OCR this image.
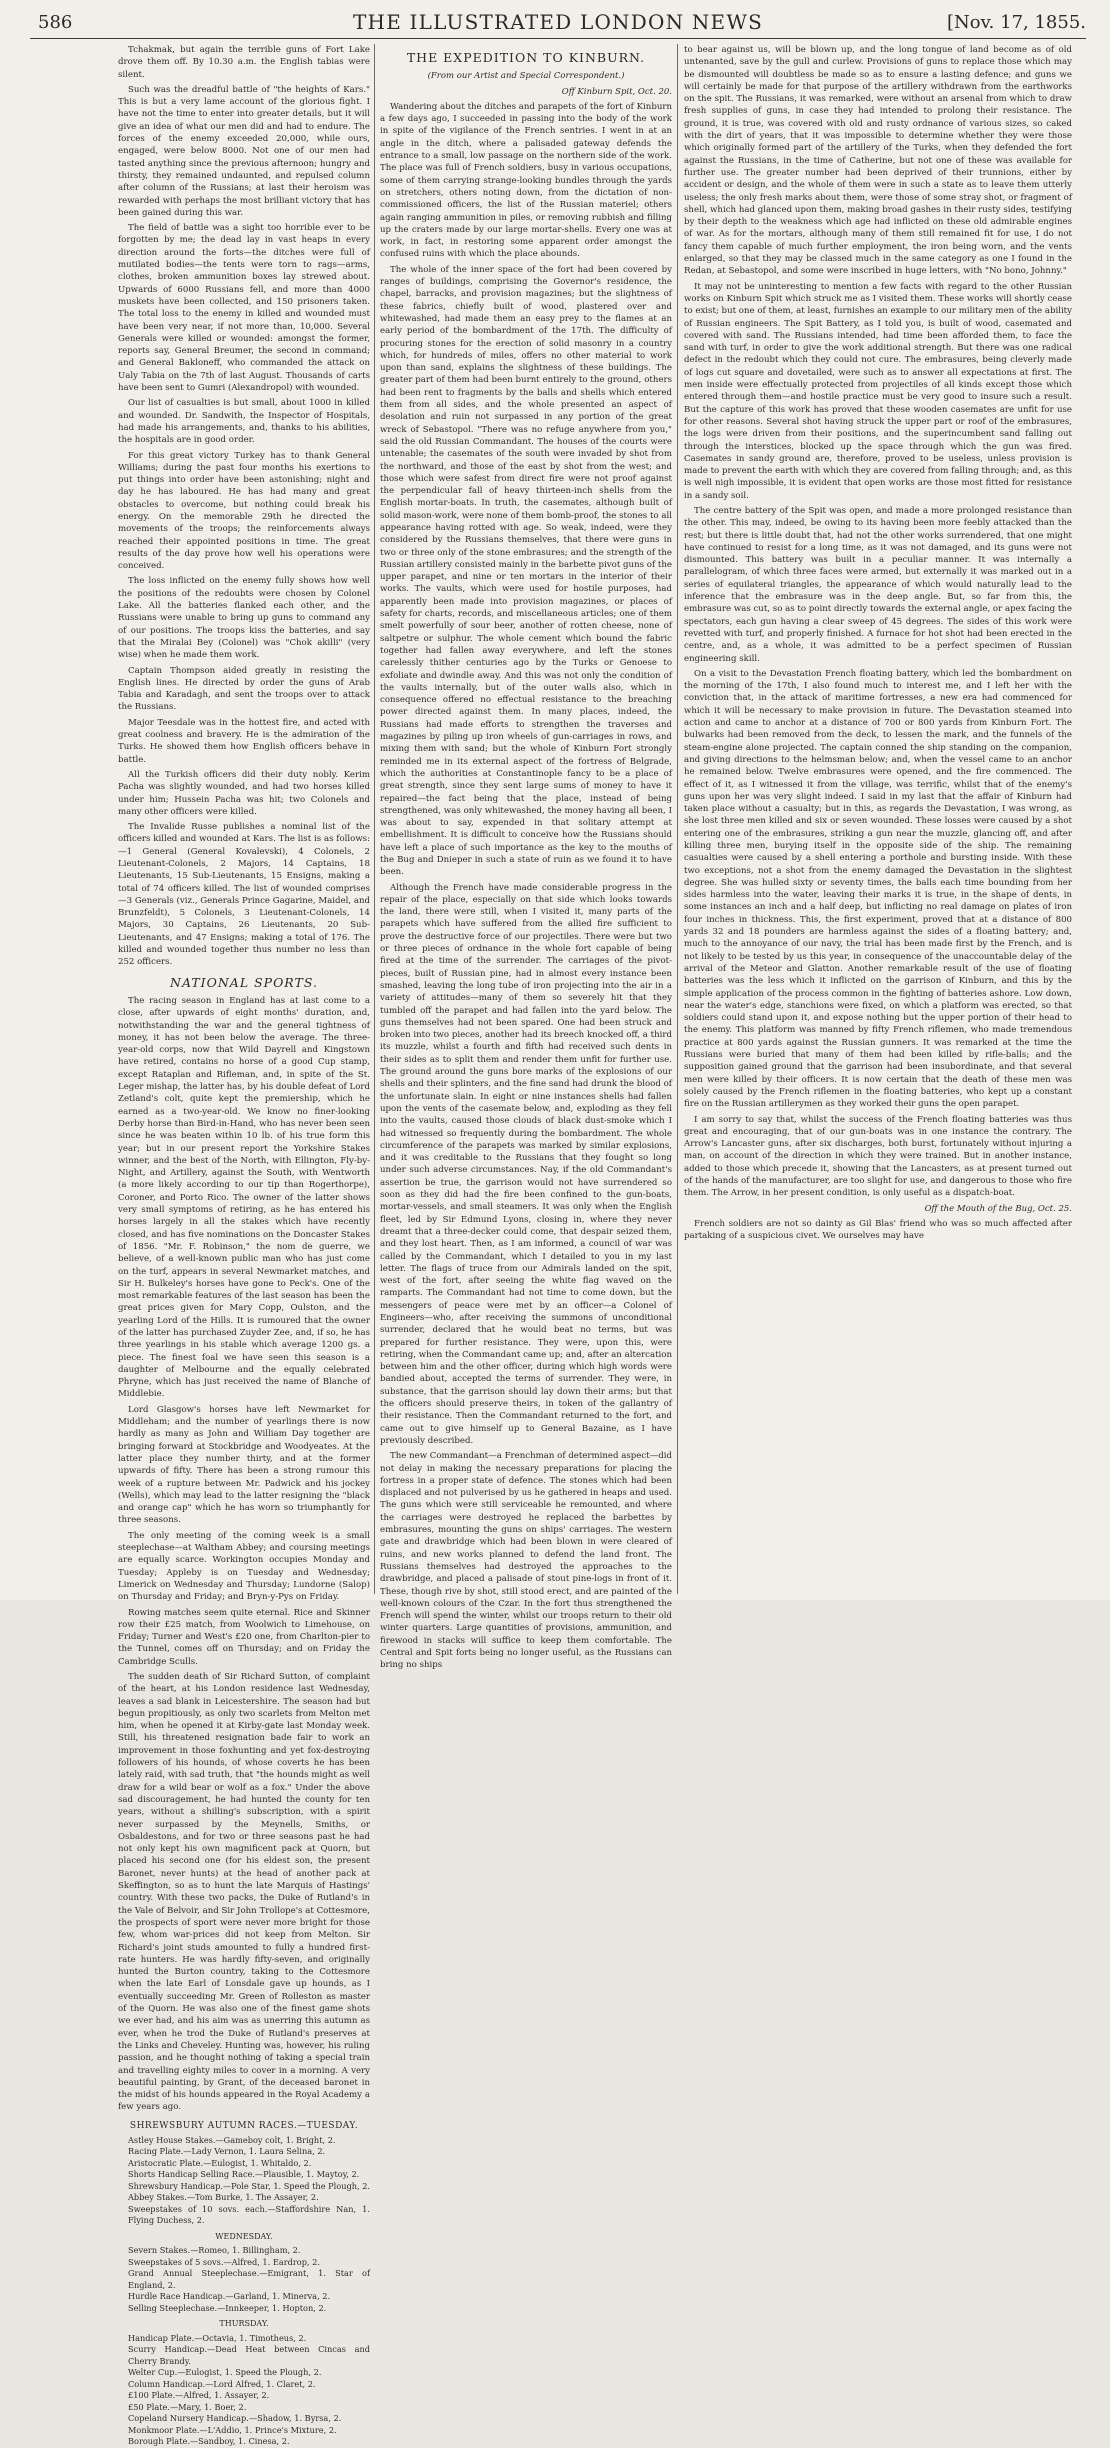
586	THE ILLUSTRATED LONDON NEWS	[Nov. 17, 1855.

Tchakmak, but again the terrible guns of Fort Lake drove them off. By 10.30 a.m. the English tabias were silent.

Such was the dreadful battle of "the heights of Kars." This is but a very lame account of the glorious fight. I have not the time to enter into greater details, but it will give an idea of what our men did and had to endure. The forces of the enemy exceeded 20,000, while ours, engaged, were below 8000. Not one of our men had tasted anything since the previous afternoon; hungry and thirsty, they remained undaunted, and repulsed column after column of the Russians; at last their heroism was rewarded with perhaps the most brilliant victory that has been gained during this war.

The field of battle was a sight too horrible ever to be forgotten by me; the dead lay in vast heaps in every direction around the forts—the ditches were full of mutilated bodies—the tents were torn to rags—arms, clothes, broken ammunition boxes lay strewed about. Upwards of 6000 Russians fell, and more than 4000 muskets have been collected, and 150 prisoners taken. The total loss to the enemy in killed and wounded must have been very near, if not more than, 10,000. Several Generals were killed or wounded: amongst the former, reports say, General Breumer, the second in command; and General Bakloneff, who commanded the attack on Ualy Tabia on the 7th of last August. Thousands of carts have been sent to Gumri (Alexandropol) with wounded.

Our list of casualties is but small, about 1000 in killed and wounded. Dr. Sandwith, the Inspector of Hospitals, had made his arrangements, and, thanks to his abilities, the hospitals are in good order.

For this great victory Turkey has to thank General Williams; during the past four months his exertions to put things into order have been astonishing; night and day he has laboured. He has had many and great obstacles to overcome, but nothing could break his energy. On the memorable 29th he directed the movements of the troops; the reinforcements always reached their appointed positions in time. The great results of the day prove how well his operations were conceived.

The loss inflicted on the enemy fully shows how well the positions of the redoubts were chosen by Colonel Lake. All the batteries flanked each other, and the Russians were unable to bring up guns to command any of our positions. The troops kiss the batteries, and say that the Miralai Bey (Colonel) was "Chok akilli" (very wise) when he made them work.

Captain Thompson aided greatly in resisting the English lines. He directed by order the guns of Arab Tabia and Karadagh, and sent the troops over to attack the Russians.

Major Teesdale was in the hottest fire, and acted with great coolness and bravery. He is the admiration of the Turks. He showed them how English officers behave in battle.

All the Turkish officers did their duty nobly. Kerim Pacha was slightly wounded, and had two horses killed under him; Hussein Pacha was hit; two Colonels and many other officers were killed.

The Invalide Russe publishes a nominal list of the officers killed and wounded at Kars. The list is as follows:—1 General (General Kovalevski), 4 Colonels, 2 Lieutenant-Colonels, 2 Majors, 14 Captains, 18 Lieutenants, 15 Sub-Lieutenants, 15 Ensigns, making a total of 74 officers killed. The list of wounded comprises—3 Generals (viz., Generals Prince Gagarine, Maidel, and Brunzfeldt), 5 Colonels, 3 Lieutenant-Colonels, 14 Majors, 30 Captains, 26 Lieutenants, 20 Sub-Lieutenants, and 47 Ensigns; making a total of 176. The killed and wounded together thus number no less than 252 officers.

NATIONAL SPORTS.

The racing season in England has at last come to a close, after upwards of eight months' duration, and, notwithstanding the war and the general tightness of money, it has not been below the average. The three-year-old corps, now that Wild Dayrell and Kingstown have retired, contains no horse of a good Cup stamp, except Rataplan and Rifleman, and, in spite of the St. Leger mishap, the latter has, by his double defeat of Lord Zetland's colt, quite kept the premiership, which he earned as a two-year-old. We know no finer-looking Derby horse than Bird-in-Hand, who has never been seen since he was beaten within 10 lb. of his true form this year; but in our present report the Yorkshire Stakes winner, and the best of the North, with Ellington, Fly-by-Night, and Artillery, against the South, with Wentworth (a more likely according to our tip than Rogerthorpe), Coroner, and Porto Rico. The owner of the latter shows very small symptoms of retiring, as he has entered his horses largely in all the stakes which have recently closed, and has five nominations on the Doncaster Stakes of 1856. "Mr. F. Robinson," the nom de guerre, we believe, of a well-known public man who has just come on the turf, appears in several Newmarket matches, and Sir H. Bulkeley's horses have gone to Peck's. One of the most remarkable features of the last season has been the great prices given for Mary Copp, Oulston, and the yearling Lord of the Hills. It is rumoured that the owner of the latter has purchased Zuyder Zee, and, if so, he has three yearlings in his stable which average 1200 gs. a piece. The finest foal we have seen this season is a daughter of Melbourne and the equally celebrated Phryne, which has just received the name of Blanche of Middlebie.

Lord Glasgow's horses have left Newmarket for Middleham; and the number of yearlings there is now hardly as many as John and William Day together are bringing forward at Stockbridge and Woodyeates. At the latter place they number thirty, and at the former upwards of fifty. There has been a strong rumour this week of a rupture between Mr. Padwick and his jockey (Wells), which may lead to the latter resigning the "black and orange cap" which he has worn so triumphantly for three seasons.

The only meeting of the coming week is a small steeplechase—at Waltham Abbey; and coursing meetings are equally scarce. Workington occupies Monday and Tuesday; Appleby is on Tuesday and Wednesday; Limerick on Wednesday and Thursday; Lundorne (Salop) on Thursday and Friday; and Bryn-y-Pys on Friday.

Rowing matches seem quite eternal. Rice and Skinner row their £25 match, from Woolwich to Limehouse, on Friday; Turner and West's £20 one, from Charlton-pier to the Tunnel, comes off on Thursday; and on Friday the Cambridge Sculls.

The sudden death of Sir Richard Sutton, of complaint of the heart, at his London residence last Wednesday, leaves a sad blank in Leicestershire. The season had but begun propitiously, as only two scarlets from Melton met him, when he opened it at Kirby-gate last Monday week. Still, his threatened resignation bade fair to work an improvement in those foxhunting and yet fox-destroying followers of his hounds, of whose coverts he has been lately raid, with sad truth, that "the hounds might as well draw for a wild bear or wolf as a fox." Under the above sad discouragement, he had hunted the county for ten years, without a shilling's subscription, with a spirit never surpassed by the Meynells, Smiths, or Osbaldestons, and for two or three seasons past he had not only kept his own magnificent pack at Quorn, but placed his second one (for his eldest son, the present Baronet, never hunts) at the head of another pack at Skeffington, so as to hunt the late Marquis of Hastings' country. With these two packs, the Duke of Rutland's in the Vale of Belvoir, and Sir John Trollope's at Cottesmore, the prospects of sport were never more bright for those few, whom war-prices did not keep from Melton. Sir Richard's joint studs amounted to fully a hundred first-rate hunters. He was hardly fifty-seven, and originally hunted the Burton country, taking to the Cottesmore when the late Earl of Lonsdale gave up hounds, as I eventually succeeding Mr. Green of Rolleston as master of the Quorn. He was also one of the finest game shots we ever had, and his aim was as unerring this autumn as ever, when he trod the Duke of Rutland's preserves at the Links and Cheveley. Hunting was, however, his ruling passion, and he thought nothing of taking a special train and travelling eighty miles to cover in a morning. A very beautiful painting, by Grant, of the deceased baronet in the midst of his hounds appeared in the Royal Academy a few years ago.

SHREWSBURY AUTUMN RACES.—TUESDAY.

Astley House Stakes.—Gameboy colt, 1. Bright, 2.

Racing Plate.—Lady Vernon, 1. Laura Selina, 2.

Aristocratic Plate.—Eulogist, 1. Whitaldo, 2.

Shorts Handicap Selling Race.—Plausible, 1. Maytoy, 2.

Shrewsbury Handicap.—Pole Star, 1. Speed the Plough, 2.

Abbey Stakes.—Tom Burke, 1. The Assayer, 2.

Sweepstakes of 10 sovs. each.—Staffordshire Nan, 1. Flying Duchess, 2.

WEDNESDAY.

Severn Stakes.—Romeo, 1. Billingham, 2.

Sweepstakes of 5 sovs.—Alfred, 1. Eardrop, 2.

Grand Annual Steeplechase.—Emigrant, 1. Star of England, 2.

Hurdle Race Handicap.—Garland, 1. Minerva, 2.

Selling Steeplechase.—Innkeeper, 1. Hopton, 2.

THURSDAY.

Handicap Plate.—Octavia, 1. Timotheus, 2.

Scurry Handicap.—Dead Heat between Cincas and Cherry Brandy.

Welter Cup.—Eulogist, 1. Speed the Plough, 2.

Column Handicap.—Lord Alfred, 1. Claret, 2.

£100 Plate.—Alfred, 1. Assayer, 2.

£50 Plate.—Mary, 1. Boer, 2.

Copeland Nursery Handicap.—Shadow, 1. Byrsa, 2.

Monkmoor Plate.—L'Addio, 1. Prince's Mixture, 2.

Borough Plate.—Sandboy, 1. Cinesa, 2.

THE EXPEDITION TO KINBURN.
(From our Artist and Special Correspondent.)
Off Kinburn Spit, Oct. 20.

Wandering about the ditches and parapets of the fort of Kinburn a few days ago, I succeeded in passing into the body of the work in spite of the vigilance of the French sentries. I went in at an angle in the ditch, where a palisaded gateway defends the entrance to a small, low passage on the northern side of the work. The place was full of French soldiers, busy in various occupations, some of them carrying strange-looking bundles through the yards on stretchers, others noting down, from the dictation of non-commissioned officers, the list of the Russian materiel; others again ranging ammunition in piles, or removing rubbish and filling up the craters made by our large mortar-shells. Every one was at work, in fact, in restoring some apparent order amongst the confused ruins with which the place abounds.

The whole of the inner space of the fort had been covered by ranges of buildings, comprising the Governor's residence, the chapel, barracks, and provision magazines; but the slightness of these fabrics, chiefly built of wood, plastered over and whitewashed, had made them an easy prey to the flames at an early period of the bombardment of the 17th. The difficulty of procuring stones for the erection of solid masonry in a country which, for hundreds of miles, offers no other material to work upon than sand, explains the slightness of these buildings. The greater part of them had been burnt entirely to the ground, others had been rent to fragments by the balls and shells which entered them from all sides, and the whole presented an aspect of desolation and ruin not surpassed in any portion of the great wreck of Sebastopol. "There was no refuge anywhere from you," said the old Russian Commandant. The houses of the courts were untenable; the casemates of the south were invaded by shot from the northward, and those of the east by shot from the west; and those which were safest from direct fire were not proof against the perpendicular fall of heavy thirteen-inch shells from the English mortar-boats. In truth, the casemates, although built of solid mason-work, were none of them bomb-proof, the stones to all appearance having rotted with age. So weak, indeed, were they considered by the Russians themselves, that there were guns in two or three only of the stone embrasures; and the strength of the Russian artillery consisted mainly in the barbette pivot guns of the upper parapet, and nine or ten mortars in the interior of their works. The vaults, which were used for hostile purposes, had apparently been made into provision magazines, or places of safety for charts, records, and miscellaneous articles; one of them smelt powerfully of sour beer, another of rotten cheese, none of saltpetre or sulphur. The whole cement which bound the fabric together had fallen away everywhere, and left the stones carelessly thither centuries ago by the Turks or Genoese to exfoliate and dwindle away. And this was not only the condition of the vaults internally, but of the outer walls also, which in consequence offered no effectual resistance to the breaching power directed against them. In many places, indeed, the Russians had made efforts to strengthen the traverses and magazines by piling up iron wheels of gun-carriages in rows, and mixing them with sand; but the whole of Kinburn Fort strongly reminded me in its external aspect of the fortress of Belgrade, which the authorities at Constantinople fancy to be a place of great strength, since they sent large sums of money to have it repaired—the fact being that the place, instead of being strengthened, was only whitewashed, the money having all been, I was about to say, expended in that solitary attempt at embellishment. It is difficult to conceive how the Russians should have left a place of such importance as the key to the mouths of the Bug and Dnieper in such a state of ruin as we found it to have been.

Although the French have made considerable progress in the repair of the place, especially on that side which looks towards the land, there were still, when I visited it, many parts of the parapets which have suffered from the allied fire sufficient to prove the destructive force of our projectiles. There were but two or three pieces of ordnance in the whole fort capable of being fired at the time of the surrender. The carriages of the pivot-pieces, built of Russian pine, had in almost every instance been smashed, leaving the long tube of iron projecting into the air in a variety of attitudes—many of them so severely hit that they tumbled off the parapet and had fallen into the yard below. The guns themselves had not been spared. One had been struck and broken into two pieces, another had its breech knocked off, a third its muzzle, whilst a fourth and fifth had received such dents in their sides as to split them and render them unfit for further use. The ground around the guns bore marks of the explosions of our shells and their splinters, and the fine sand had drunk the blood of the unfortunate slain. In eight or nine instances shells had fallen upon the vents of the casemate below, and, exploding as they fell into the vaults, caused those clouds of black dust-smoke which I had witnessed so frequently during the bombardment. The whole circumference of the parapets was marked by similar explosions, and it was creditable to the Russians that they fought so long under such adverse circumstances. Nay, if the old Commandant's assertion be true, the garrison would not have surrendered so soon as they did had the fire been confined to the gun-boats, mortar-vessels, and small steamers. It was only when the English fleet, led by Sir Edmund Lyons, closing in, where they never dreamt that a three-decker could come, that despair seized them, and they lost heart. Then, as I am informed, a council of war was called by the Commandant, which I detailed to you in my last letter. The flags of truce from our Admirals landed on the spit, west of the fort, after seeing the white flag waved on the ramparts. The Commandant had not time to come down, but the messengers of peace were met by an officer—a Colonel of Engineers—who, after receiving the summons of unconditional surrender, declared that he would beat no terms, but was prepared for further resistance. They were, upon this, were retiring, when the Commandant came up; and, after an altercation between him and the other officer, during which high words were bandied about, accepted the terms of surrender. They were, in substance, that the garrison should lay down their arms; but that the officers should preserve theirs, in token of the gallantry of their resistance. Then the Commandant returned to the fort, and came out to give himself up to General Bazaine, as I have previously described.

The new Commandant—a Frenchman of determined aspect—did not delay in making the necessary preparations for placing the fortress in a proper state of defence. The stones which had been displaced and not pulverised by us he gathered in heaps and used. The guns which were still serviceable he remounted, and where the carriages were destroyed he replaced the barbettes by embrasures, mounting the guns on ships' carriages. The western gate and drawbridge which had been blown in were cleared of ruins, and new works planned to defend the land front. The Russians themselves had destroyed the approaches to the drawbridge, and placed a palisade of stout pine-logs in front of it. These, though rive by shot, still stood erect, and are painted of the well-known colours of the Czar. In the fort thus strengthened the French will spend the winter, whilst our troops return to their old winter quarters. Large quantities of provisions, ammunition, and firewood in stacks will suffice to keep them comfortable. The Central and Spit forts being no longer useful, as the Russians can bring no ships

to bear against us, will be blown up, and the long tongue of land become as of old untenanted, save by the gull and curlew. Provisions of guns to replace those which may be dismounted will doubtless be made so as to ensure a lasting defence; and guns we will certainly be made for that purpose of the artillery withdrawn from the earthworks on the spit. The Russians, it was remarked, were without an arsenal from which to draw fresh supplies of guns, in case they had intended to prolong their resistance. The ground, it is true, was covered with old and rusty ordnance of various sizes, so caked with the dirt of years, that it was impossible to determine whether they were those which originally formed part of the artillery of the Turks, when they defended the fort against the Russians, in the time of Catherine, but not one of these was available for further use. The greater number had been deprived of their trunnions, either by accident or design, and the whole of them were in such a state as to leave them utterly useless; the only fresh marks about them, were those of some stray shot, or fragment of shell, which had glanced upon them, making broad gashes in their rusty sides, testifying by their depth to the weakness which age had inflicted on these old admirable engines of war. As for the mortars, although many of them still remained fit for use, I do not fancy them capable of much further employment, the iron being worn, and the vents enlarged, so that they may be classed much in the same category as one I found in the Redan, at Sebastopol, and some were inscribed in huge letters, with "No bono, Johnny."

It may not be uninteresting to mention a few facts with regard to the other Russian works on Kinburn Spit which struck me as I visited them. These works will shortly cease to exist; but one of them, at least, furnishes an example to our military men of the ability of Russian engineers. The Spit Battery, as I told you, is built of wood, casemated and covered with sand. The Russians intended, had time been afforded them, to face the sand with turf, in order to give the work additional strength. But there was one radical defect in the redoubt which they could not cure. The embrasures, being cleverly made of logs cut square and dovetailed, were such as to answer all expectations at first. The men inside were effectually protected from projectiles of all kinds except those which entered through them—and hostile practice must be very good to insure such a result. But the capture of this work has proved that these wooden casemates are unfit for use for other reasons. Several shot having struck the upper part or roof of the embrasures, the logs were driven from their positions, and the superincumbent sand falling out through the interstices, blocked up the space through which the gun was fired. Casemates in sandy ground are, therefore, proved to be useless, unless provision is made to prevent the earth with which they are covered from falling through; and, as this is well nigh impossible, it is evident that open works are those most fitted for resistance in a sandy soil.

The centre battery of the Spit was open, and made a more prolonged resistance than the other. This may, indeed, be owing to its having been more feebly attacked than the rest; but there is little doubt that, had not the other works surrendered, that one might have continued to resist for a long time, as it was not damaged, and its guns were not dismounted. This battery was built in a peculiar manner. It was internally a parallelogram, of which three faces were armed, but externally it was marked out in a series of equilateral triangles, the appearance of which would naturally lead to the inference that the embrasure was in the deep angle. But, so far from this, the embrasure was cut, so as to point directly towards the external angle, or apex facing the spectators, each gun having a clear sweep of 45 degrees. The sides of this work were revetted with turf, and properly finished. A furnace for hot shot had been erected in the centre, and, as a whole, it was admitted to be a perfect specimen of Russian engineering skill.

On a visit to the Devastation French floating battery, which led the bombardment on the morning of the 17th, I also found much to interest me, and I left her with the conviction that, in the attack of maritime fortresses, a new era had commenced for which it will be necessary to make provision in future. The Devastation steamed into action and came to anchor at a distance of 700 or 800 yards from Kinburn Fort. The bulwarks had been removed from the deck, to lessen the mark, and the funnels of the steam-engine alone projected. The captain conned the ship standing on the companion, and giving directions to the helmsman below; and, when the vessel came to an anchor he remained below. Twelve embrasures were opened, and the fire commenced. The effect of it, as I witnessed it from the village, was terrific, whilst that of the enemy's guns upon her was very slight indeed. I said in my last that the affair of Kinburn had taken place without a casualty; but in this, as regards the Devastation, I was wrong, as she lost three men killed and six or seven wounded. These losses were caused by a shot entering one of the embrasures, striking a gun near the muzzle, glancing off, and after killing three men, burying itself in the opposite side of the ship. The remaining casualties were caused by a shell entering a porthole and bursting inside. With these two exceptions, not a shot from the enemy damaged the Devastation in the slightest degree. She was hulled sixty or seventy times, the balls each time bounding from her sides harmless into the water, leaving their marks it is true, in the shape of dents, in some instances an inch and a half deep, but inflicting no real damage on plates of iron four inches in thickness. This, the first experiment, proved that at a distance of 800 yards 32 and 18 pounders are harmless against the sides of a floating battery; and, much to the annoyance of our navy, the trial has been made first by the French, and is not likely to be tested by us this year, in consequence of the unaccountable delay of the arrival of the Meteor and Glatton. Another remarkable result of the use of floating batteries was the less which it inflicted on the garrison of Kinburn, and this by the simple application of the process common in the fighting of batteries ashore. Low down, near the water's edge, stanchions were fixed, on which a platform was erected, so that soldiers could stand upon it, and expose nothing but the upper portion of their head to the enemy. This platform was manned by fifty French riflemen, who made tremendous practice at 800 yards against the Russian gunners. It was remarked at the time the Russians were buried that many of them had been killed by rifle-balls; and the supposition gained ground that the garrison had been insubordinate, and that several men were killed by their officers. It is now certain that the death of these men was solely caused by the French riflemen in the floating batteries, who kept up a constant fire on the Russian artillerymen as they worked their guns the open parapet.

I am sorry to say that, whilst the success of the French floating batteries was thus great and encouraging, that of our gun-boats was in one instance the contrary. The Arrow's Lancaster guns, after six discharges, both burst, fortunately without injuring a man, on account of the direction in which they were trained. But in another instance, added to those which precede it, showing that the Lancasters, as at present turned out of the hands of the manufacturer, are too slight for use, and dangerous to those who fire them. The Arrow, in her present condition, is only useful as a dispatch-boat.

Off the Mouth of the Bug, Oct. 25.

French soldiers are not so dainty as Gil Blas' friend who was so much affected after partaking of a suspicious civet. We ourselves may have
